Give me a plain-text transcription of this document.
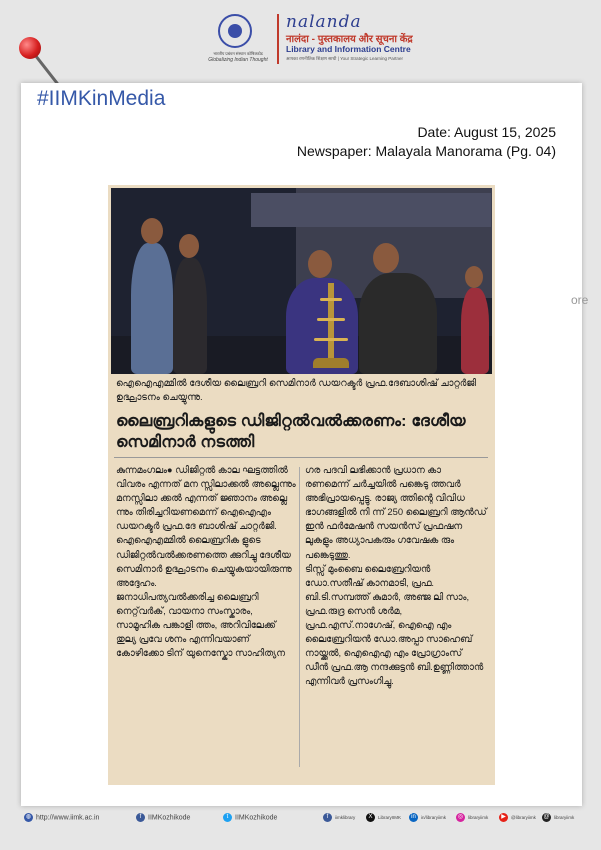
भारतीय प्रबंधन संस्थान कोषिक्कोड
Globalizing Indian Thought
nalanda
नालंदा - पुस्तकालय और सूचना केंद्र
Library and Information Centre
आपका रणनीतिक शिक्षण साथी | Your Strategic Learning Partner
#IIMKinMedia
Date: August 15, 2025
Newspaper: Malayala Manorama (Pg. 04)
ore
ഐഐഎമ്മിൽ ദേശീയ ലൈബ്രറി സെമിനാർ ഡയറക്ടർ പ്രഫ.ദേബാശിഷ് ചാറ്റർജി ഉദ്ഘാടനം ചെയ്യുന്നു.
ലൈബ്രറികളുടെ ഡിജിറ്റൽവൽക്കരണം: ദേശീയ സെമിനാർ നടത്തി
കുന്നമംഗലം● ഡിജിറ്റൽ കാല ഘട്ടത്തിൽ വിവരം എന്നത് മന സ്സിലാക്കൽ അല്ലെന്നും മനസ്സിലാ ക്കൽ എന്നത് ജ്ഞാനം അല്ലെ ന്നും തിരിച്ചറിയണമെന്ന് ഐഐഎം ഡയറക്ടർ പ്രഫ.ദേ ബാശിഷ് ചാറ്റർജി.
ഐഐഎമ്മിൽ ലൈബ്രറിക ളുടെ ഡിജിറ്റൽവൽക്കരണത്തെ ക്കുറിച്ചു ദേശീയ സെമിനാർ ഉദ്ഘാടനം ചെയ്യുകയായിരുന്നു അദ്ദേഹം.
ജനാധിപത്യവൽക്കരിച്ച ലൈബ്രറി നെറ്റ്‌വർക്, വായനാ സംസ്കാരം, സാമൂഹിക പങ്കാളി ത്തം, അറിവിലേക്ക് തുല്യ പ്രവേ ശനം എന്നിവയാണ് കോഴിക്കോ ടിന് യുനെസ്കോ സാഹിത്യന
ഗര പദവി ലഭിക്കാൻ പ്രധാന കാ രണമെന്ന് ചർച്ചയിൽ പങ്കെടു ത്തവർ അഭിപ്രായപ്പെട്ടു. രാജ്യ ത്തിന്റെ വിവിധ ഭാഗങ്ങളിൽ നി ന്ന് 250 ലൈബ്രറി ആൻഡ് ഇൻ ഫർമേഷൻ സയൻസ് പ്രഫഷന ലുകളും അധ്യാപകരും ഗവേഷക രും പങ്കെടുത്തു.
ടിസ്സ് മുംബൈ ലൈബ്രേറിയൻ ഡോ.സതീഷ് കാനമാടി, പ്രഫ. ബി.ടി.സമ്പത്ത് കുമാർ, അഞ്ജ ലി സാം, പ്രഫ.രുദ്ര സെൻ ശർമ, പ്രഫ.എസ്.നാഗേഷ്, ഐഐ എം ലൈബ്രേറിയൻ ഡോ.അപ്പാ സാഹെബ് നായ്ക്കൽ, ഐഐഎ എം പ്രോഗ്രാംസ് ഡീൻ പ്രഫ.ആ നന്ദക്കുട്ടൻ ബി.ഉണ്ണിത്താൻ എന്നിവർ പ്രസംഗിച്ചു.
◍ http://www.iimk.ac.in	f IIMKozhikode	t IIMKozhikode	f iimklibrary	X LibraryIIMK	in in/libraryiimk	◎ libraryiimk	▶ @libraryiimk @ libraryiimk
